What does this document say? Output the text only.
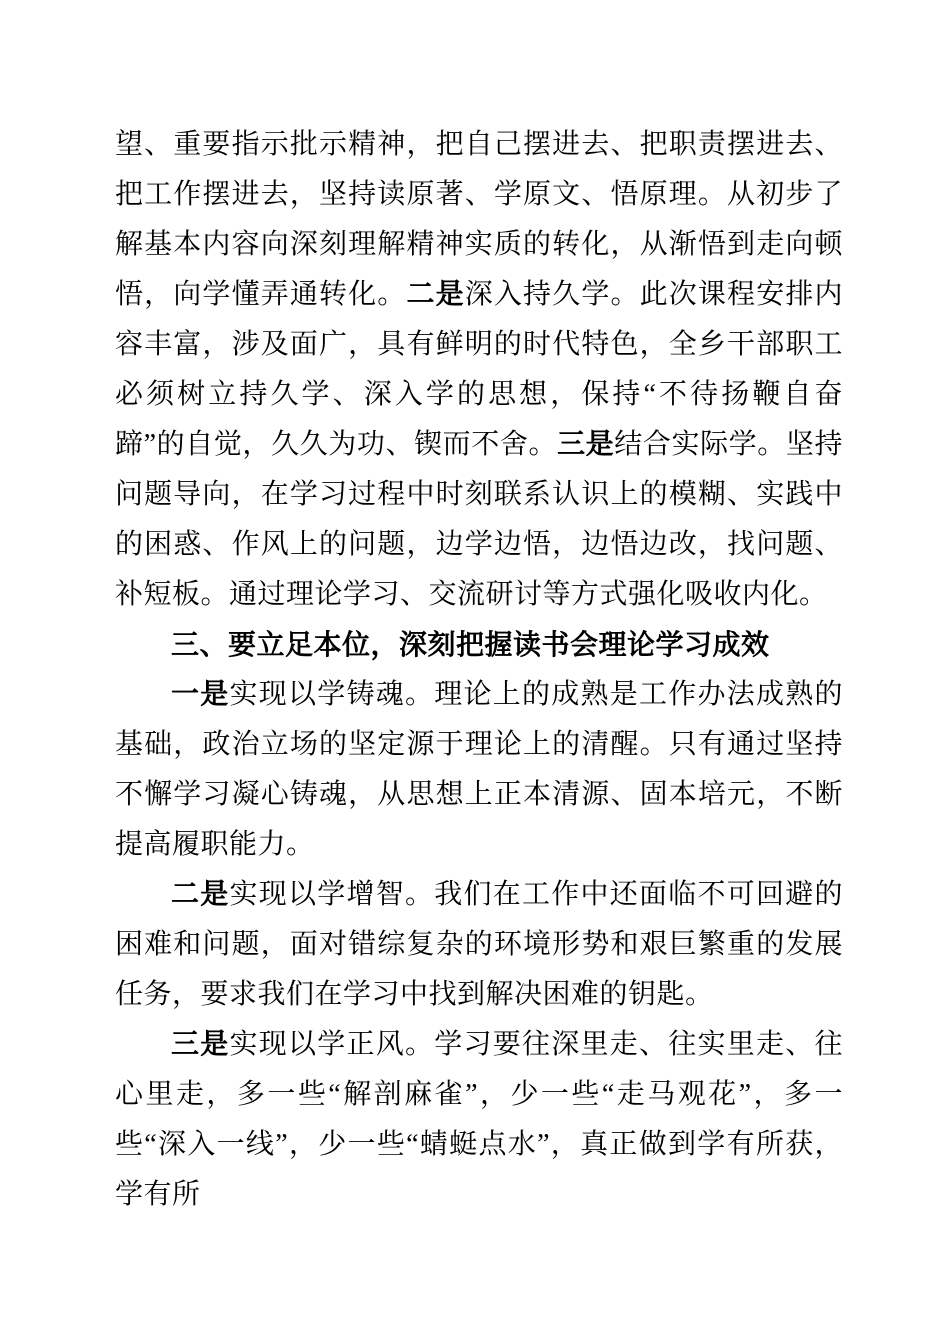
望、重要指示批示精神，把自己摆进去、把职责摆进去、把工作摆进去，坚持读原著、学原文、悟原理。从初步了解基本内容向深刻理解精神实质的转化，从渐悟到走向顿悟，向学懂弄通转化。二是深入持久学。此次课程安排内容丰富，涉及面广，具有鲜明的时代特色，全乡干部职工必须树立持久学、深入学的思想，保持“不待扬鞭自奋蹄”的自觉，久久为功、锲而不舍。三是结合实际学。坚持问题导向，在学习过程中时刻联系认识上的模糊、实践中的困惑、作风上的问题，边学边悟，边悟边改，找问题、补短板。通过理论学习、交流研讨等方式强化吸收内化。

三、要立足本位，深刻把握读书会理论学习成效

一是实现以学铸魂。理论上的成熟是工作办法成熟的基础，政治立场的坚定源于理论上的清醒。只有通过坚持不懈学习凝心铸魂，从思想上正本清源、固本培元，不断提高履职能力。

二是实现以学增智。我们在工作中还面临不可回避的困难和问题，面对错综复杂的环境形势和艰巨繁重的发展任务，要求我们在学习中找到解决困难的钥匙。

三是实现以学正风。学习要往深里走、往实里走、往心里走，多一些“解剖麻雀”，少一些“走马观花”，多一些“深入一线”，少一些“蜻蜓点水”，真正做到学有所获，学有所
